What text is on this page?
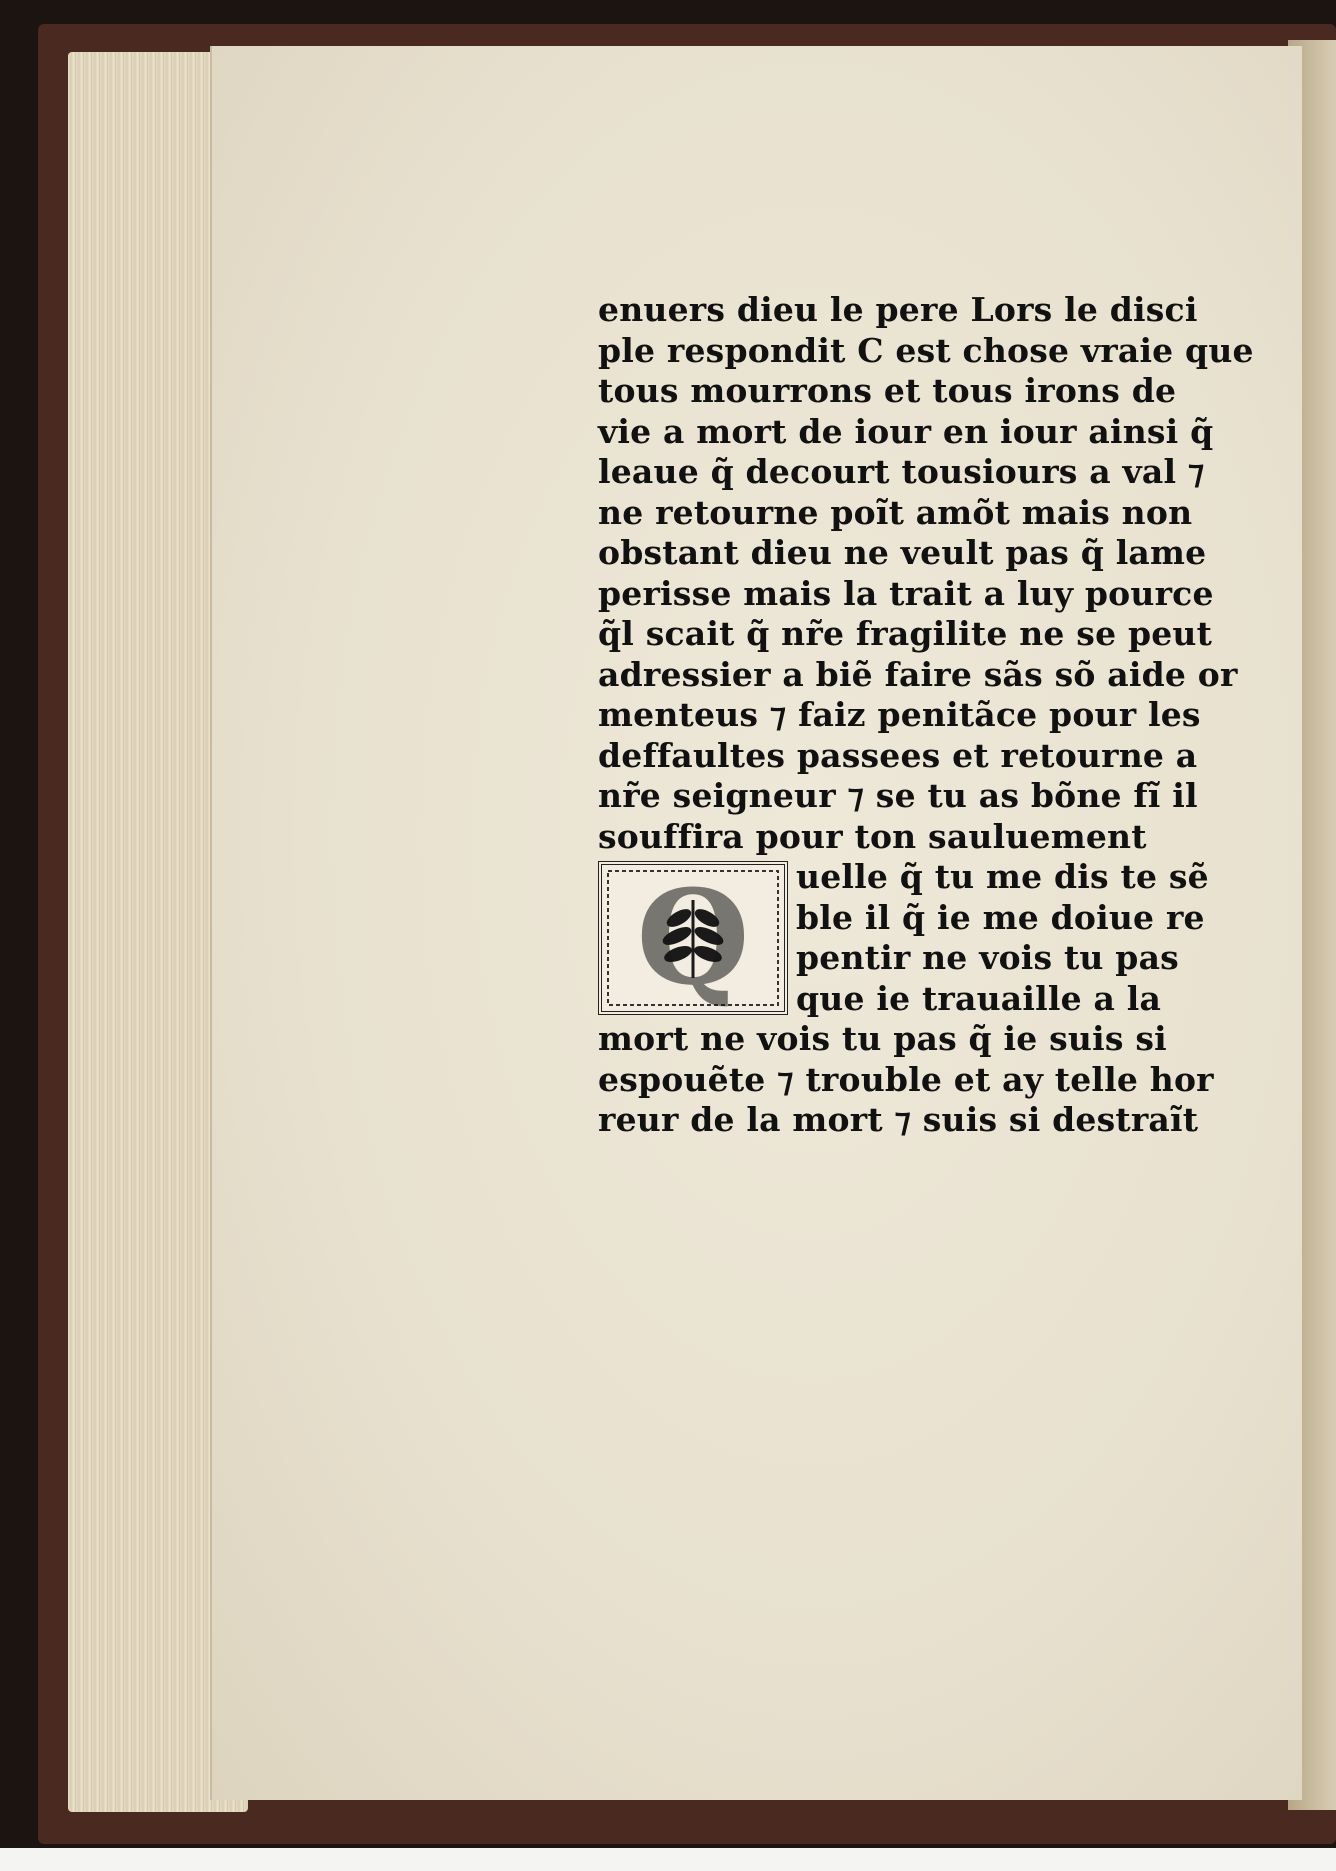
enuers dieu le pere Lors le disci
ple respondit C est chose vraie que
tous mourrons et tous irons de
vie a mort de iour en iour ainsi q̃
leaue q̃ decourt tousiours a val ⁊
ne retourne poĩt amõt mais non
obstant dieu ne veult pas q̃ lame
perisse mais la trait a luy pource
q̃l scait q̃ nr̃e fragilite ne se peut
adressier a biẽ faire sãs sõ aide or
menteus ⁊ faiz penitãce pour les
deffaultes passees et retourne a
nr̃e seigneur ⁊ se tu as bõne fĩ il
souffira pour ton sauluement
Q	uelle q̃ tu me dis te sẽ
ble il q̃ ie me doiue re
pentir ne vois tu pas
que ie trauaille a la
mort ne vois tu pas q̃ ie suis si
espouẽte ⁊ trouble et ay telle hor
reur de la mort ⁊ suis si destraĩt
